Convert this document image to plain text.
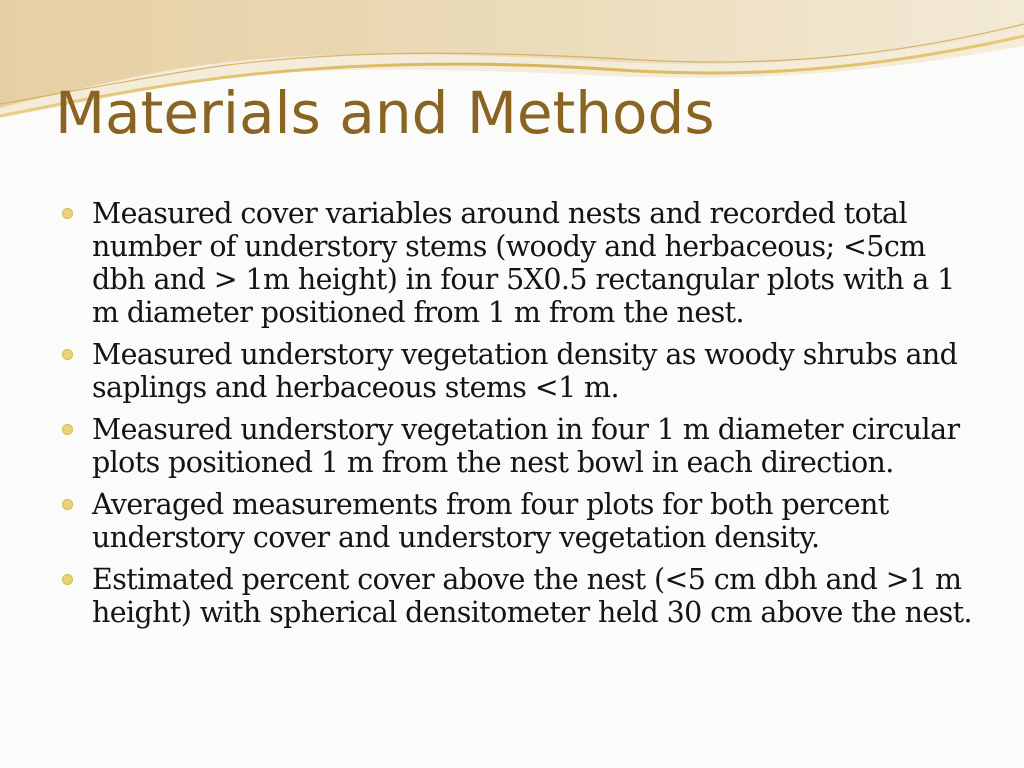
Materials and Methods
Measured cover variables around nests and recorded total number of understory stems (woody and herbaceous; <5cm dbh and > 1m height) in four 5X0.5 rectangular plots with a 1 m diameter positioned from 1 m from the nest.
Measured understory vegetation density as woody shrubs and saplings and herbaceous stems <1 m.
Measured understory vegetation in four 1 m diameter circular plots positioned 1 m from the nest bowl in each direction.
Averaged measurements from four plots for both percent understory cover and understory vegetation density.
Estimated percent cover above the nest (<5 cm dbh and >1 m height) with spherical densitometer held 30 cm above the nest.
